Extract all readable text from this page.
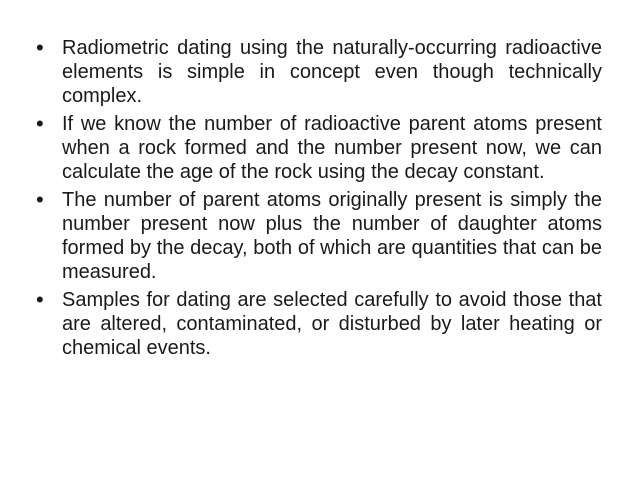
• Radiometric dating using the naturally-occurring radioactive elements is simple in concept even though technically complex.
• If we know the number of radioactive parent atoms present when a rock formed and the number present now, we can calculate the age of the rock using the decay constant.
• The number of parent atoms originally present is simply the number present now plus the number of daughter atoms formed by the decay, both of which are quantities that can be measured.
• Samples for dating are selected carefully to avoid those that are altered, contaminated, or disturbed by later heating or chemical events.
